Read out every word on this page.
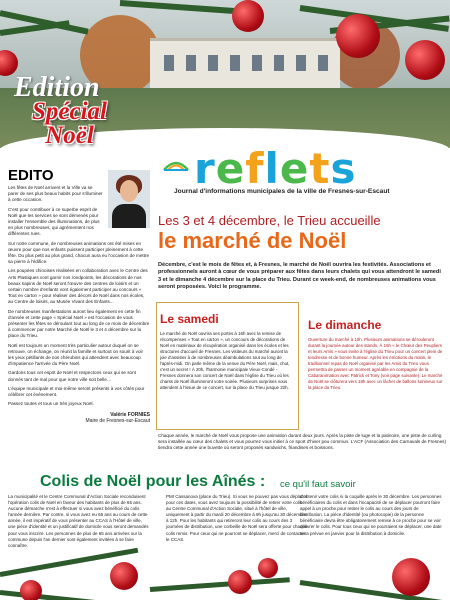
Edition
Spécial Noël
reflets
Journal d'informations municipales de la ville de Fresnes-sur-Escaut
EDITO
Les fêtes de Noël arrivent et la Ville va se parer de ses plus beaux habits pour s'illuminer à cette occasion.
C'est pour contribuer à ce superbe esprit de Noël que les services se sont démenés pour installer l'ensemble des illuminations, de plus en plus nombreuses, qui agrémentent nos différentes rues.
Sur notre commune, de nombreuses animations ont été mises en œuvre pour que nos enfants puissent participer pleinement à cette fête. Du plus petit au plus grand, chacun aura eu l'occasion de mettre sa pierre à l'édifice.
Les poupées chinoises réalisées en collaboration avec le Centre des Arts Plastiques vont garnir nos rondpoints, les décorations de nos beaux sapins de Noël seront l'œuvre des centres de loisirs et un certain nombre d'enfants vont également participer au concours « Tout en carton » pour réaliser des décors de Noël dans nos écoles, au Centre de loisirs, au Musée Vivant des Enfants...
De nombreuses manifestations auront lieu également en cette fin d'année et cette page « Spécial Noël » est l'occasion de vous présenter les fêtes se déroulant tout au long de ce mois de décembre à commencer par notre Marché de Noël le 3 et 4 décembre sur la place du Trieu.
Noël est toujours un moment très particulier autour duquel on se retrouve, on échange, on réunit la famille et surtout on sourit à voir les yeux pétillants de nos chérubins qui attendent avec beaucoup d'impatience l'arrivée du Père Noël.
Gardons tous cet esprit de Noël et respectons ceux qui se sont donnés tant de mal pour que notre ville soit belle…
L'équipe municipale et moi-même seront présents à vos côtés pour célébrer cet événement.
Passez toutes et tous un très joyeux Noël.
Valérie FORNIES
Maire de Fresnes-sur-Escaut
Les 3 et 4 décembre, le Trieu accueille
le marché de Noël
Décembre, c'est le mois de fêtes et, à Fresnes, le marché de Noël ouvrira les festivités. Associations et professionnels auront à cœur de vous préparer aux fêtes dans leurs chalets qui vous attendront le samedi 3 et le dimanche 4 décembre sur la place du Trieu. Durant ce week-end, de nombreuses animations vous seront proposées. Voici le programme.
Le samedi
Le marché de Noël ouvrira ses portes à 16h avec la remise de récompenses « Tout en carton », un concours de décorations de Noël en matériaux de récupération organisé dans les écoles et les structures d'accueil de Fresnes. Les visiteurs du marché auront la joie d'assister à de nombreuses déambulations tout au long de l'après-midi. On parle même de la venue du Père Noël, mais, chut, c'est un secret ! À 20h, l'harmonie municipale Vieux-Condé - Fresnes donnera son concert de Noël dans l'église du Trieu où les chants de Noël illumineront votre soirée. Plusieurs surprises vous attendent à l'issue de ce concert, sur la place du Trieu jusque 22h.
Le dimanche
Ouverture du marché à 10h. Plusieurs animations se dérouleront durant la journée autour des stands. À 16h « le Chœur des Peupliers et leurs Amis » vous invite à l'église du Trieu pour un concert plein de tendresse et de bonne humeur. Après les émotions du matin, le traditionnel repas de Noël organisé par les Amis du Trieu vous permettra de passer un moment agréable en compagnie de la Cabaranimation avec Patrick et Tony (voir page suivante). Le marché de Noël se clôturera vers 18h avec un lâcher de ballons lumineux sur la place du Trieu.
Chaque année, le marché de Noël vous propose une animation durant deux jours. Après la piste de luge et la patinoire, une piste de curling sera installée au cœur des chalets et vous pourrez vous initier à ce sport d'hiver peu commun. L'ACF (Association des Carnavals de Fresnes) tiendra cette année une buvette où seront proposés sandwichs, friandises et boissons.
Colis de Noël pour les Aînés : ce qu'il faut savoir
La municipalité et le Centre Communal d'Action Sociale reconduisent l'opération colis de Noël en faveur des habitants de plus de 65 ans. Aucune démarche n'est à effectuer si vous avez bénéficié du colis l'année dernière. Par contre, si vous avez eu 65 ans au cours de cette année, il est impératif de vous présenter au CCAS à l'Hôtel de ville, une pièce d'identité et un justificatif de domicile vous seront demandés pour vous inscrire. Les personnes de plus de 65 ans arrivées sur la commune depuis l'an dernier sont également invitées à se faire connaître.
PMI Cassanova (place du Trieu). Si vous ne pouvez pas vous déplacer pour ces dates, vous avez toujours la possibilité de retirer votre colis au Centre Communal d'Action Sociale, situé à l'hôtel de ville, uniquement à partir du mardi 20 décembre à 9h jusqu'au 30 décembre à 12h. Pour les habitants qui retireront leur colis au cours des 3 journées de distribution, une corbeille de Noël sera offerte pour chaque colis remis. Pour ceux qui ne pourront se déplacer, merci de contacter le CCAS.
d'obtenir votre colis ni la coquille après le 30 décembre. Les personnes bénéficiaires du colis et dans l'incapacité de se déplacer pourront faire appel à un proche pour retirer le colis au cours des jours de distribution. La pièce d'identité (ou photocopie) de la personne bénéficiaire devra être obligatoirement remise à ce proche pour se voir délivrer le colis. Pour tous ceux qui ne pourraient se déplacer, une date sera prévue en janvier pour la distribution à domicile.
